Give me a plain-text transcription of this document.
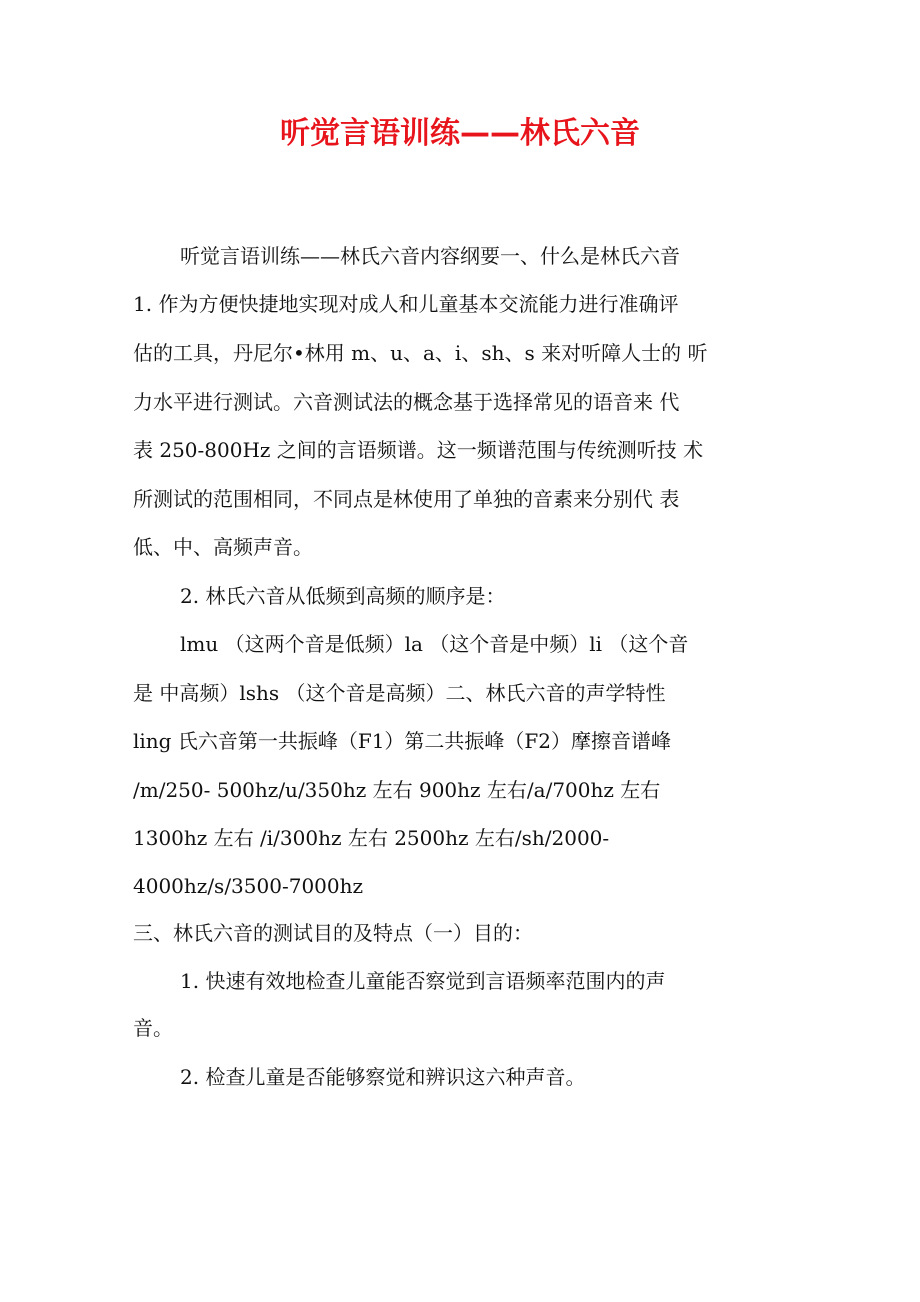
听觉言语训练——林氏六音
听觉言语训练——林氏六音内容纲要一、什么是林氏六音
1. 作为方便快捷地实现对成人和儿童基本交流能力进行准确评
估的工具，丹尼尔•林用 m、u、a、i、sh、s 来对听障人士的 听
力水平进行测试。六音测试法的概念基于选择常见的语音来 代
表 250-800Hz 之间的言语频谱。这一频谱范围与传统测听技 术
所测试的范围相同，不同点是林使用了单独的音素来分别代 表
低、中、高频声音。
2. 林氏六音从低频到高频的顺序是：
lmu （这两个音是低频）la （这个音是中频）li （这个音
是 中高频）lshs （这个音是高频）二、林氏六音的声学特性
ling 氏六音第一共振峰（F1）第二共振峰（F2）摩擦音谱峰
/m/250- 500hz/u/350hz 左右 900hz 左右/a/700hz 左右
1300hz 左右 /i/300hz 左右 2500hz 左右/sh/2000-
4000hz/s/3500-7000hz
三、林氏六音的测试目的及特点（一）目的：
1. 快速有效地检查儿童能否察觉到言语频率范围内的声
音。
2. 检查儿童是否能够察觉和辨识这六种声音。
